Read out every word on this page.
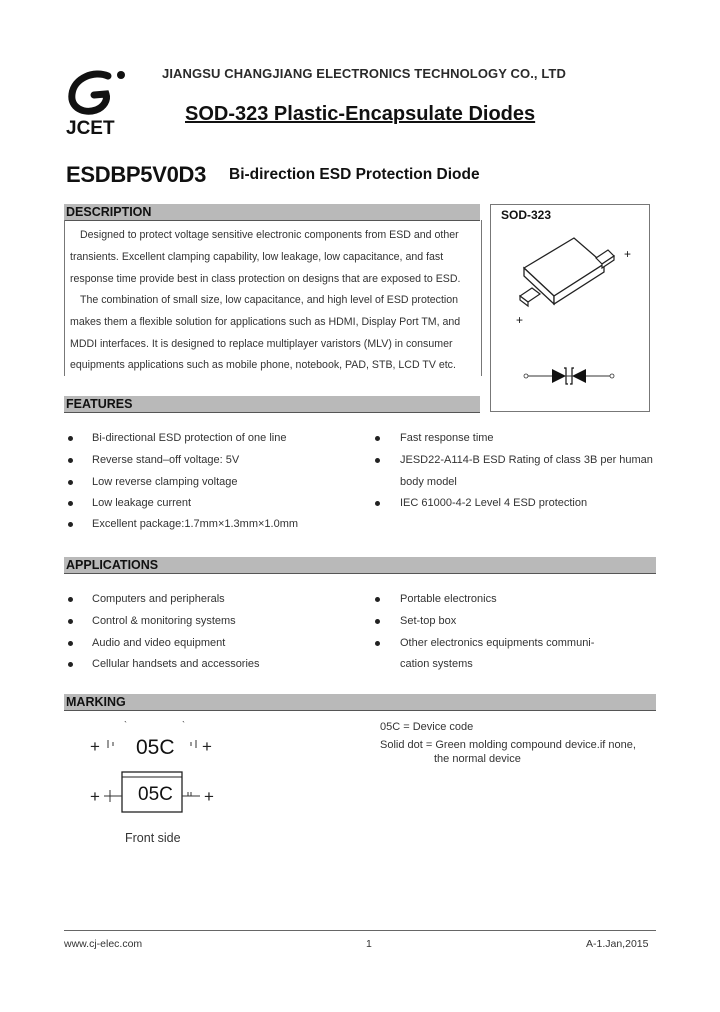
JCET
JIANGSU CHANGJIANG ELECTRONICS TECHNOLOGY CO., LTD
SOD-323 Plastic-Encapsulate Diodes
ESDBP5V0D3 Bi-direction ESD Protection Diode
DESCRIPTION
Designed to protect voltage sensitive electronic components from ESD and other
transients. Excellent clamping capability, low leakage, low capacitance, and fast
response time provide best in class protection on designs that are exposed to ESD.
The combination of small size, low capacitance, and high level of ESD protection
makes them a flexible solution for applications such as HDMI, Display Port TM, and
MDDI interfaces. It is designed to replace multiplayer varistors (MLV) in consumer
equipments applications such as mobile phone, notebook, PAD, STB, LCD TV etc.
SOD-323
+
+
FEATURES
Bi-directional ESD protection of one line
Reverse stand–off voltage: 5V
Low reverse clamping voltage
Low leakage current
Excellent package:1.7mm×1.3mm×1.0mm
Fast response time
JESD22-A114-B ESD Rating of class 3B per human
body model
IEC 61000-4-2 Level 4 ESD protection
APPLICATIONS
Computers and peripherals
Control & monitoring systems
Audio and video equipment
Cellular handsets and accessories
Portable electronics
Set-top box
Other electronics equipments communi-
cation systems
MARKING
+ 05C +
`	`
+ 05C +
Front side
05C = Device code
Solid dot = Green molding compound device.if none,
the normal device
www.cj-elec.com	1	A-1.Jan,2015
